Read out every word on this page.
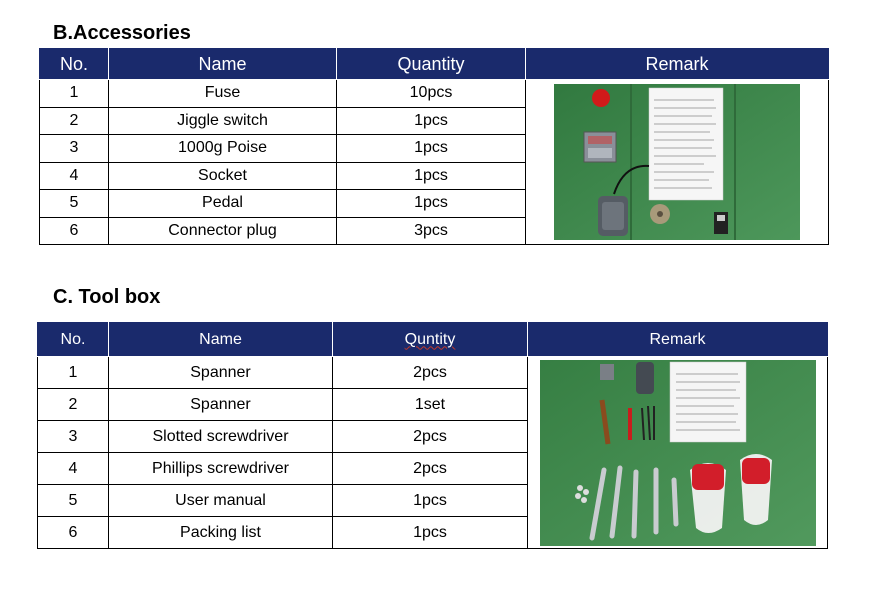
B.Accessories
No.	Name	Quantity	Remark
1	Fuse	10pcs	

2	Jiggle switch	1pcs	
3	1000g Poise	1pcs	
4	Socket	1pcs	
5	Pedal	1pcs	
6	Connector plug	3pcs	
C. Tool box
No.	Name	Quntity	Remark
1	Spanner	2pcs	

2	Spanner	1set	
3	Slotted screwdriver	2pcs	
4	Phillips screwdriver	2pcs	
5	User manual	1pcs	
6	Packing list	1pcs	
